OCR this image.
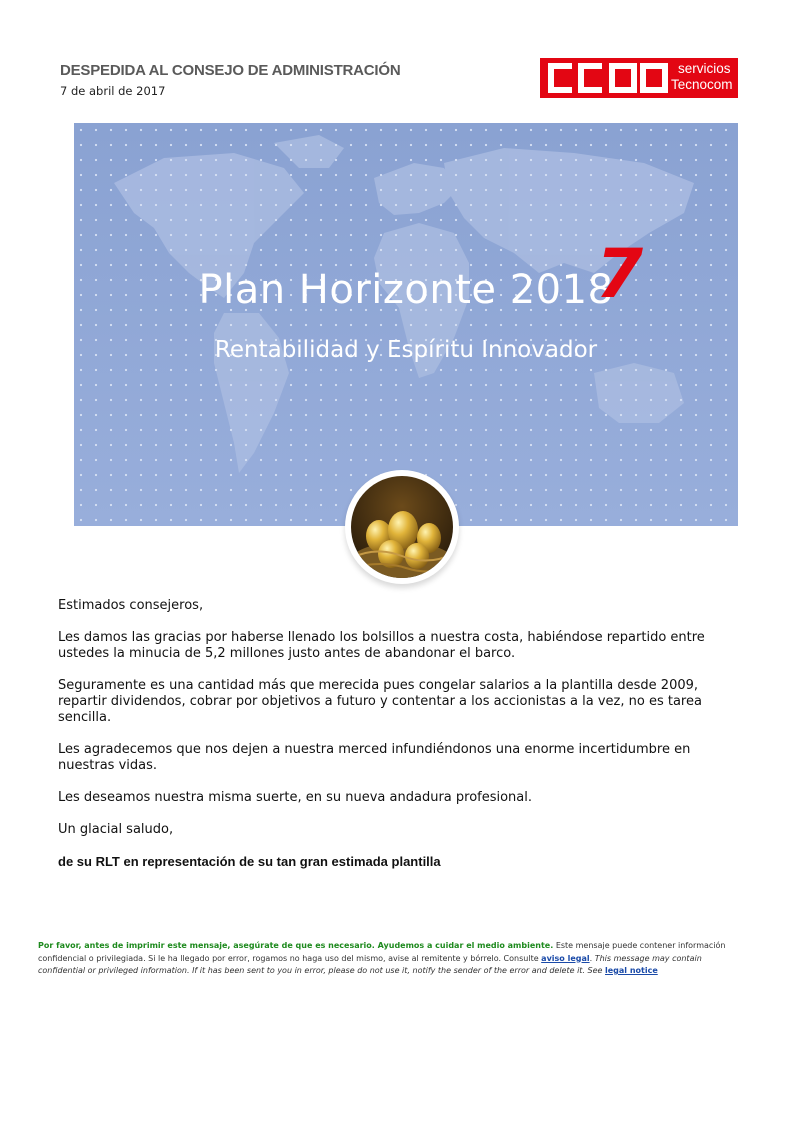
DESPEDIDA AL CONSEJO DE ADMINISTRACIÓN
7 de abril de 2017
servicios
Tecnocom
Plan Horizonte 2018
7
Rentabilidad y Espíritu Innovador

Estimados consejeros,

Les damos las gracias por haberse llenado los bolsillos a nuestra costa, habiéndose repartido entre ustedes la minucia de 5,2 millones justo antes de abandonar el barco.

Seguramente es una cantidad más que merecida pues congelar salarios a la plantilla desde 2009, repartir dividendos, cobrar por objetivos a futuro y contentar a los accionistas a la vez, no es tarea sencilla.

Les agradecemos que nos dejen a nuestra merced infundiéndonos una enorme incertidumbre en nuestras vidas.

Les deseamos nuestra misma suerte, en su nueva andadura profesional.

Un glacial saludo,

de su RLT en representación de su tan gran estimada plantilla

Por favor, antes de imprimir este mensaje, asegúrate de que es necesario. Ayudemos a cuidar el medio ambiente. Este mensaje puede contener información confidencial o privilegiada. Si le ha llegado por error, rogamos no haga uso del mismo, avise al remitente y bórrelo. Consulte aviso legal. This message may contain confidential or privileged information. If it has been sent to you in error, please do not use it, notify the sender of the error and delete it. See legal notice
